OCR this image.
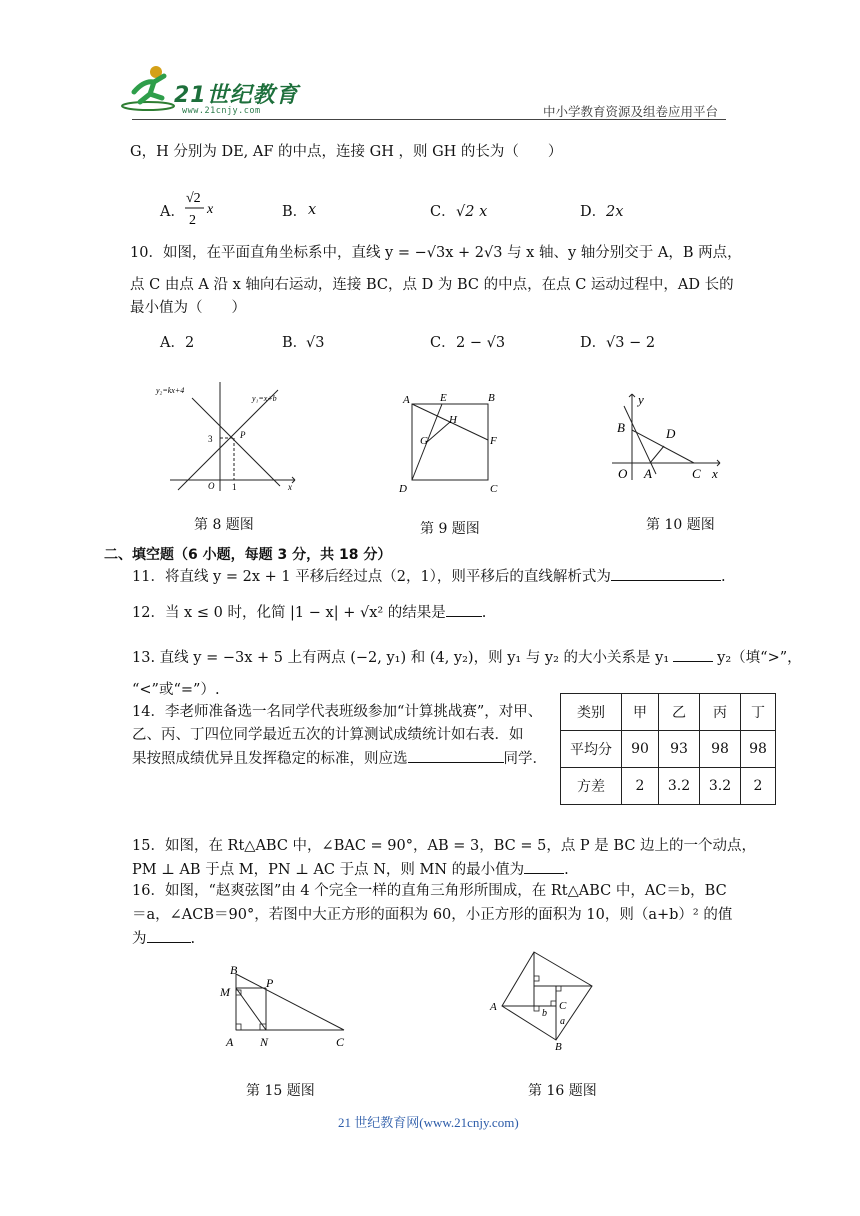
21世纪教育
www.21cnjy.com	中小学教育资源及组卷应用平台
G，H 分别为 DE, AF 的中点，连接 GH ，则 GH 的长为（　　）
A．
√2
2
x	B． x	C． √2 x	D． 2x
10．如图，在平面直角坐标系中，直线 y = −√3x + 2√3 与 x 轴、y 轴分别交于 A，B 两点，
点 C 由点 A 沿 x 轴向右运动，连接 BC，点 D 为 BC 的中点，在点 C 运动过程中，AD 长的
最小值为（　　）
A．2	B．
√3	C． 2 − √3	D． √3 − 2
y₂=kx+4
y₁=x+b
3	P
O 1	x
第 8 题图
A	E	B
H
G	F
D	C
第 9 题图
y
B	D
O A	C x
第 10 题图
二、填空题（6 小题，每题 3 分，共 18 分）
11．将直线 y = 2x + 1 平移后经过点（2，1），则平移后的直线解析式为	.
12．当 x ≤ 0 时，化简 |1 − x| + √x² 的结果是 .
13. 直线 y = −3x + 5 上有两点 (−2, y₁) 和 (4, y₂)，则 y₁ 与 y₂ 的大小关系是 y₁	y₂（填“>”，
“<”或“=”）.
14．李老师准备选一名同学代表班级参加“计算挑战赛”，对甲、
乙、丙、丁四位同学最近五次的计算测试成绩统计如右表．如
果按照成绩优异且发挥稳定的标准，则应选	同学．
类别	甲	乙	丙	丁
平均分	90	93	98	98
方差	2	3.2	3.2	2
15．如图，在 Rt△ABC 中，∠BAC = 90°，AB = 3，BC = 5，点 P 是 BC 边上的一个动点，
PM ⊥ AB 于点 M，PN ⊥ AC 于点 N，则 MN 的最小值为	.
16．如图，“赵爽弦图”由 4 个完全一样的直角三角形所围成，在 Rt△ABC 中，AC＝b，BC
＝a，∠ACB＝90°，若图中大正方形的面积为 60，小正方形的面积为 10，则（a+b）² 的值
为	.
B
P
M
A N	C
第 15 题图
A
b
C
a
B
第 16 题图
21 世纪教育网(www.21cnjy.com)
